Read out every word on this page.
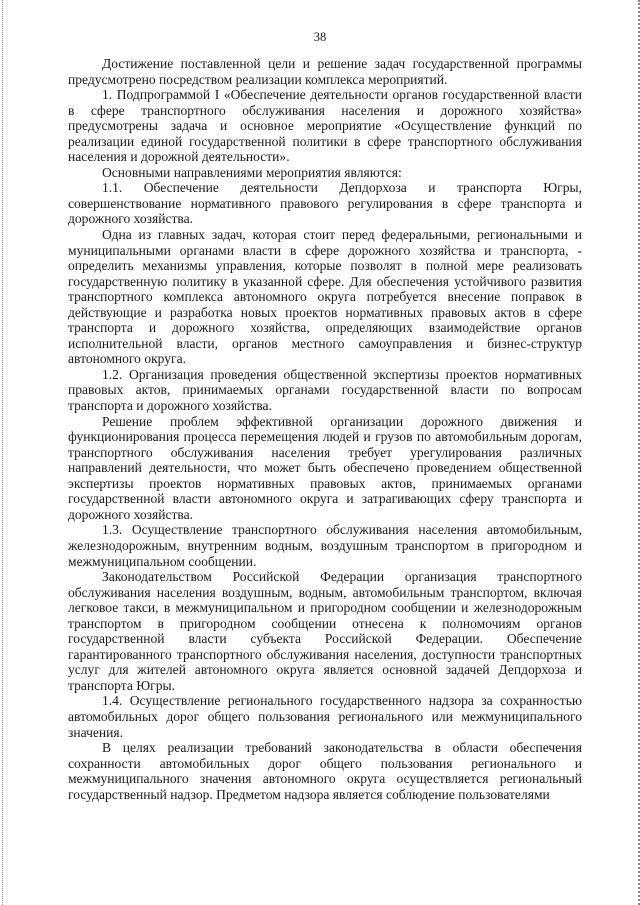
38

Достижение поставленной цели и решение задач государственной программы предусмотрено посредством реализации комплекса мероприятий.

1. Подпрограммой I «Обеспечение деятельности органов государственной власти в сфере транспортного обслуживания населения и дорожного хозяйства» предусмотрены задача и основное мероприятие «Осуществление функций по реализации единой государственной политики в сфере транспортного обслуживания населения и дорожной деятельности».

Основными направлениями мероприятия являются:

1.1. Обеспечение деятельности Депдорхоза и транспорта Югры, совершенствование нормативного правового регулирования в сфере транспорта и дорожного хозяйства.

Одна из главных задач, которая стоит перед федеральными, региональными и муниципальными органами власти в сфере дорожного хозяйства и транспорта, - определить механизмы управления, которые позволят в полной мере реализовать государственную политику в указанной сфере. Для обеспечения устойчивого развития транспортного комплекса автономного округа потребуется внесение поправок в действующие и разработка новых проектов нормативных правовых актов в сфере транспорта и дорожного хозяйства, определяющих взаимодействие органов исполнительной власти, органов местного самоуправления и бизнес-структур автономного округа.

1.2. Организация проведения общественной экспертизы проектов нормативных правовых актов, принимаемых органами государственной власти по вопросам транспорта и дорожного хозяйства.

Решение проблем эффективной организации дорожного движения и функционирования процесса перемещения людей и грузов по автомобильным дорогам, транспортного обслуживания населения требует урегулирования различных направлений деятельности, что может быть обеспечено проведением общественной экспертизы проектов нормативных правовых актов, принимаемых органами государственной власти автономного округа и затрагивающих сферу транспорта и дорожного хозяйства.

1.3. Осуществление транспортного обслуживания населения автомобильным, железнодорожным, внутренним водным, воздушным транспортом в пригородном и межмуниципальном сообщении.

Законодательством Российской Федерации организация транспортного обслуживания населения воздушным, водным, автомобильным транспортом, включая легковое такси, в межмуниципальном и пригородном сообщении и железнодорожным транспортом в пригородном сообщении отнесена к полномочиям органов государственной власти субъекта Российской Федерации. Обеспечение гарантированного транспортного обслуживания населения, доступности транспортных услуг для жителей автономного округа является основной задачей Депдорхоза и транспорта Югры.

1.4. Осуществление регионального государственного надзора за сохранностью автомобильных дорог общего пользования регионального или межмуниципального значения.

В целях реализации требований законодательства в области обеспечения сохранности автомобильных дорог общего пользования регионального и межмуниципального значения автономного округа осуществляется региональный государственный надзор. Предметом надзора является соблюдение пользователями
